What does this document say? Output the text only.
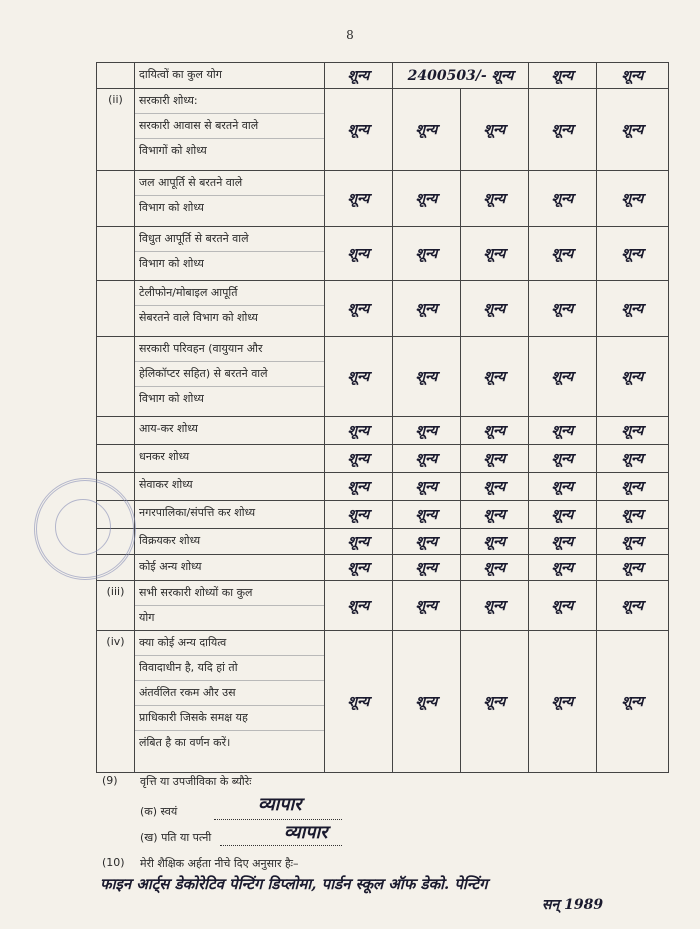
8

	दायित्वों का कुल योग	शून्य	2400503/- शून्य		शून्य	शून्य
(ii)	सरकारी शोध्य:
सरकारी आवास से बरतने वाले
विभागों को शोध्य	शून्य	शून्य	शून्य	शून्य	शून्य

	जल आपूर्ति से बरतने वाले
विभाग को शोध्य	शून्य	शून्य	शून्य	शून्य	शून्य

	विधुत आपूर्ति से बरतने वाले
विभाग को शोध्य	शून्य	शून्य	शून्य	शून्य	शून्य

	टेलीफोन/मोबाइल आपूर्ति
सेबरतने वाले विभाग को शोध्य	शून्य	शून्य	शून्य	शून्य	शून्य

	सरकारी परिवहन (वायुयान और
हेलिकॉप्टर सहित) से बरतने वाले
विभाग को शोध्य	शून्य	शून्य	शून्य	शून्य	शून्य

	आय-कर शोध्य	शून्य	शून्य	शून्य	शून्य	शून्य

	धनकर शोध्य	शून्य	शून्य	शून्य	शून्य	शून्य

	सेवाकर शोध्य	शून्य	शून्य	शून्य	शून्य	शून्य

	नगरपालिका/संपत्ति कर शोध्य	शून्य	शून्य	शून्य	शून्य	शून्य

	विक्रयकर शोध्य	शून्य	शून्य	शून्य	शून्य	शून्य

	कोई अन्य शोध्य	शून्य	शून्य	शून्य	शून्य	शून्य
(iii)	सभी सरकारी शोध्यों का कुल
योग	शून्य	शून्य	शून्य	शून्य	शून्य
(iv)	क्या कोई अन्य दायित्व
विवादाधीन है, यदि हां तो
अंतर्वलित रकम और उस
प्राधिकारी जिसके समक्ष यह
लंबित है का वर्णन करें।	शून्य	शून्य	शून्य	शून्य	शून्य
(9) वृत्ति या उपजीविका के ब्यौरेः
(क) स्वयं	व्यापार
(ख) पति या पत्नी	व्यापार
(10) मेरी शैक्षिक अर्हता नीचे दिए अनुसार हैः–
फाइन आर्ट्स डेकोरेटिव पेन्टिंग डिप्लोमा, पार्डन स्कूल ऑफ डेको. पेन्टिंग
सन् 1989
